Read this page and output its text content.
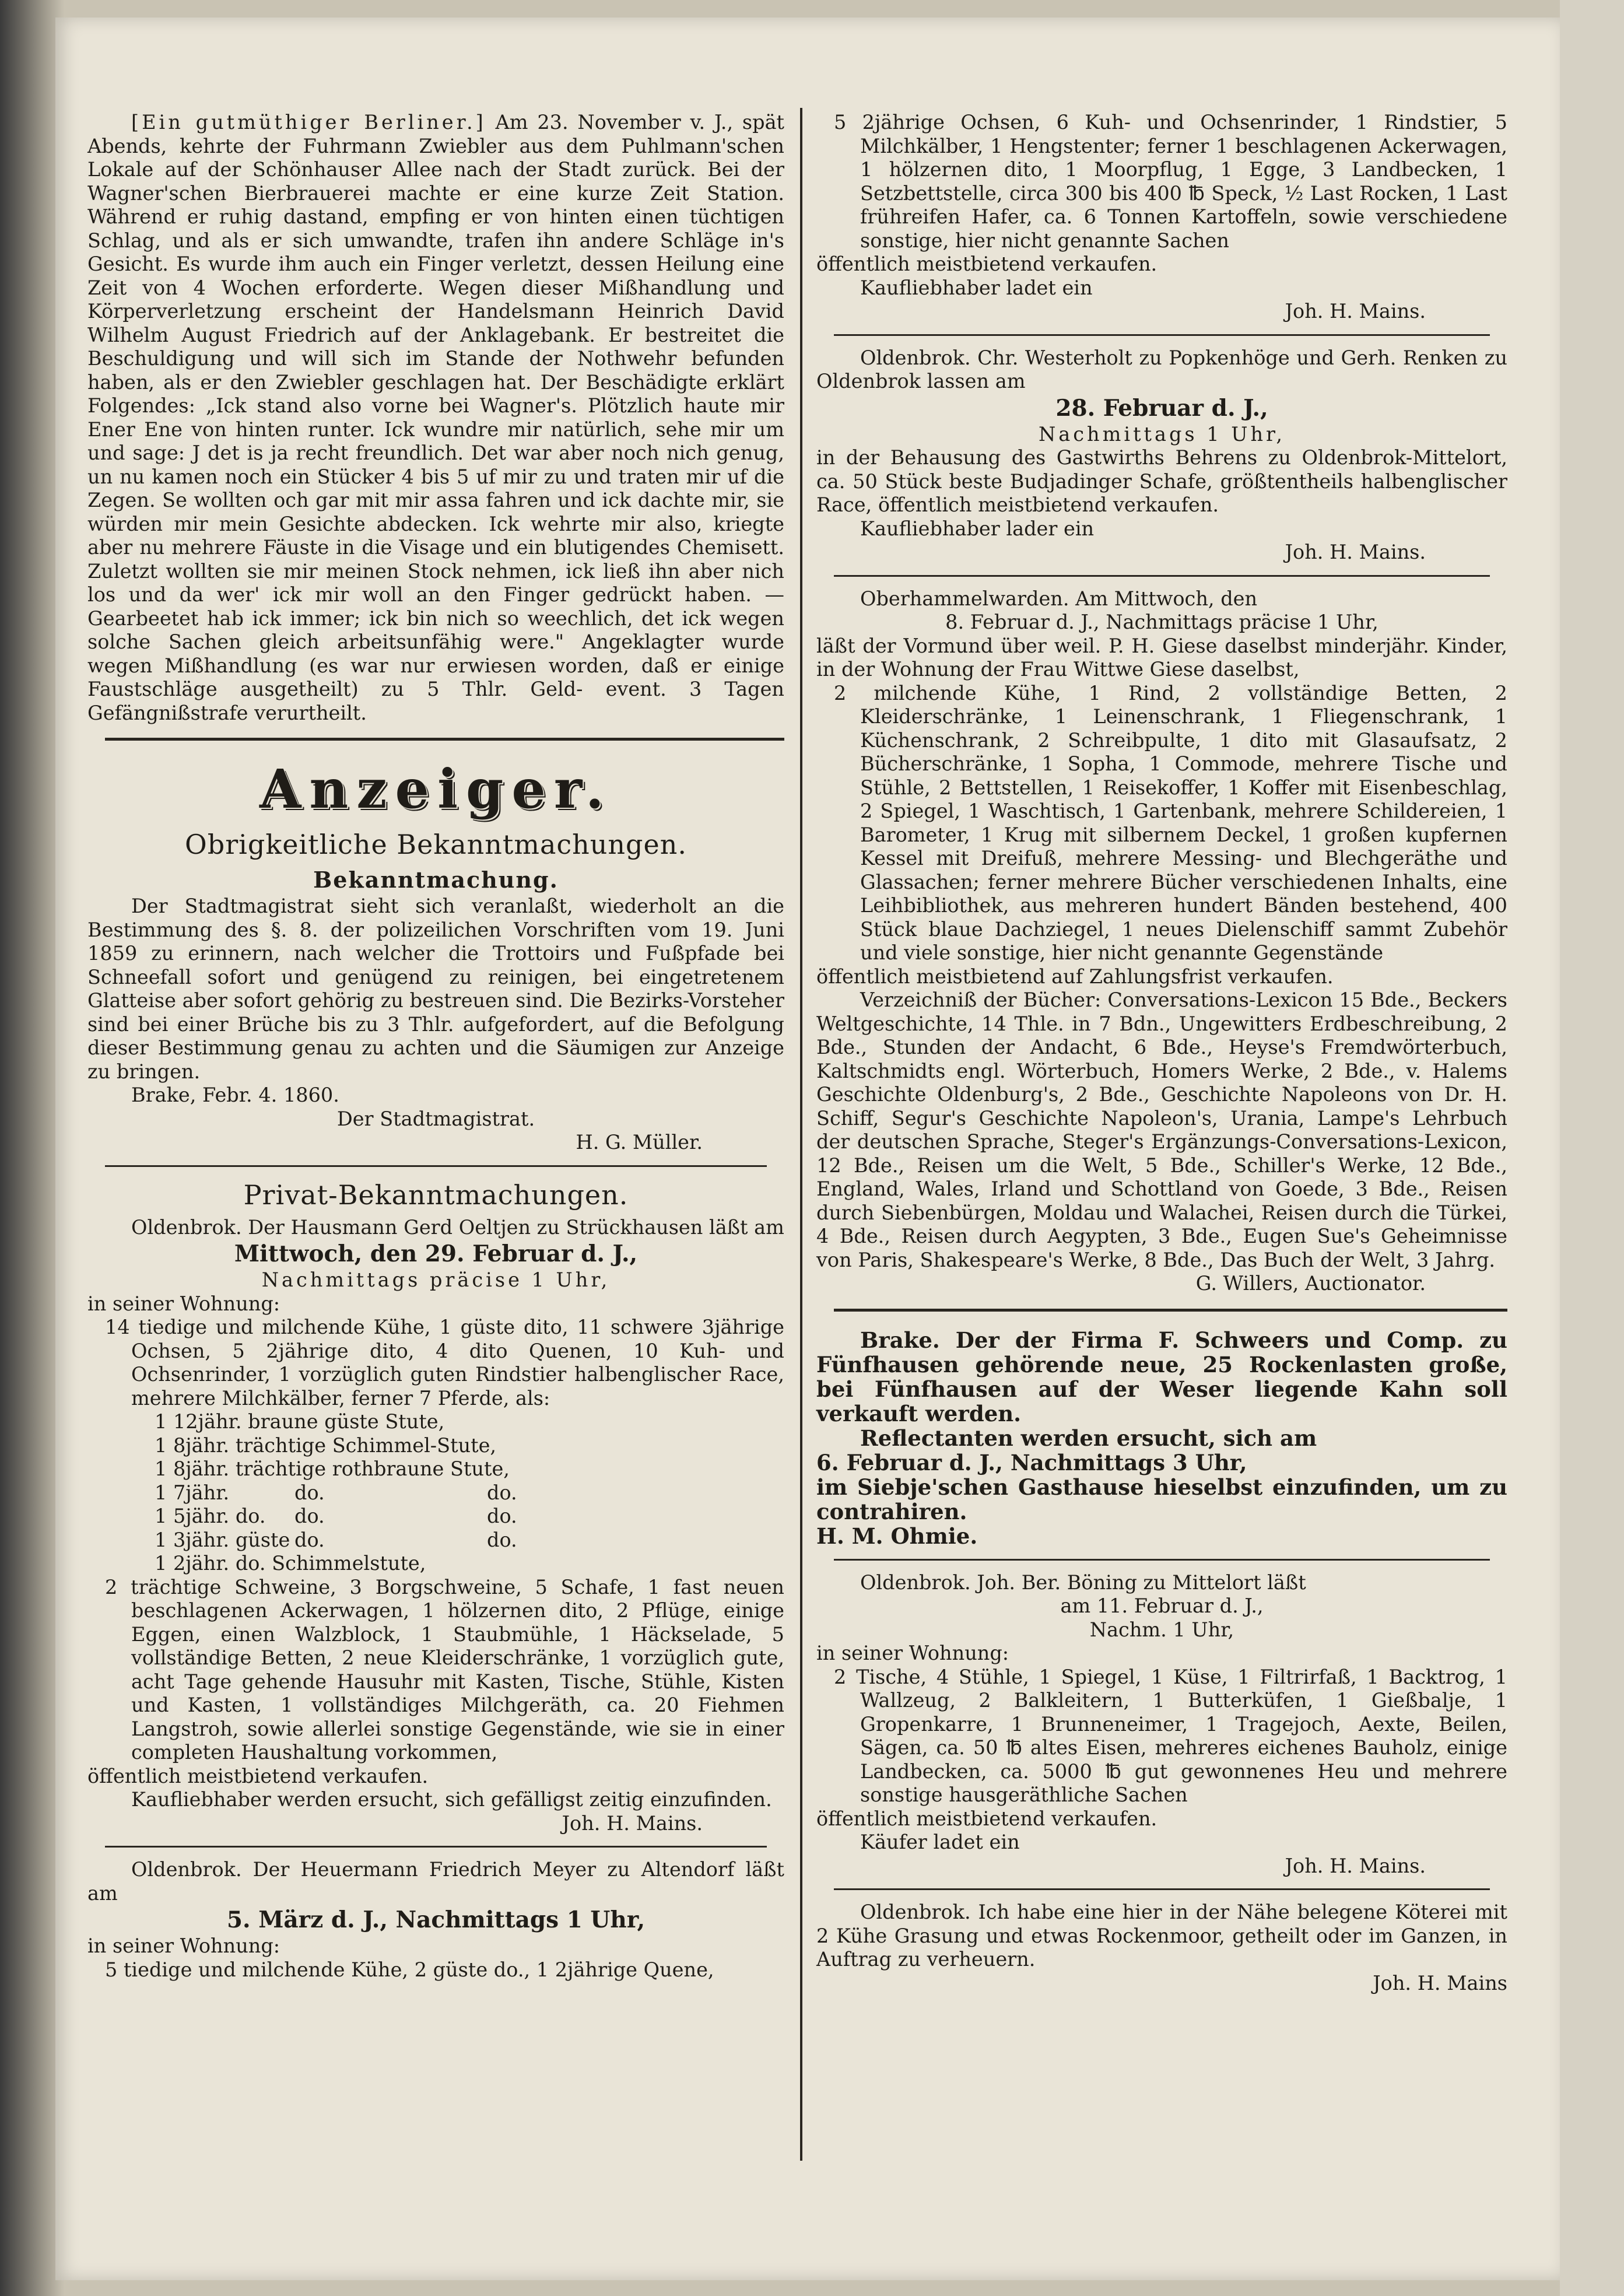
[Ein gutmüthiger Berliner.] Am 23. November v. J., spät Abends, kehrte der Fuhrmann Zwiebler aus dem Puhlmann'schen Lokale auf der Schönhauser Allee nach der Stadt zurück. Bei der Wagner'schen Bierbrauerei machte er eine kurze Zeit Station. Während er ruhig dastand, empfing er von hinten einen tüchtigen Schlag, und als er sich umwandte, trafen ihn andere Schläge in's Gesicht. Es wurde ihm auch ein Finger verletzt, dessen Heilung eine Zeit von 4 Wochen erforderte. Wegen dieser Mißhandlung und Körperverletzung erscheint der Handelsmann Heinrich David Wilhelm August Friedrich auf der Anklagebank. Er bestreitet die Beschuldigung und will sich im Stande der Nothwehr befunden haben, als er den Zwiebler geschlagen hat. Der Beschädigte erklärt Folgendes: „Ick stand also vorne bei Wagner's. Plötzlich haute mir Ener Ene von hinten runter. Ick wundre mir natürlich, sehe mir um und sage: J det is ja recht freundlich. Det war aber noch nich genug, un nu kamen noch ein Stücker 4 bis 5 uf mir zu und traten mir uf die Zegen. Se wollten och gar mit mir assa fahren und ick dachte mir, sie würden mir mein Gesichte abdecken. Ick wehrte mir also, kriegte aber nu mehrere Fäuste in die Visage und ein blutigendes Chemisett. Zuletzt wollten sie mir meinen Stock nehmen, ick ließ ihn aber nich los und da wer' ick mir woll an den Finger gedrückt haben. — Gearbeetet hab ick immer; ick bin nich so weechlich, det ick wegen solche Sachen gleich arbeitsunfähig were." Angeklagter wurde wegen Mißhandlung (es war nur erwiesen worden, daß er einige Faustschläge ausgetheilt) zu 5 Thlr. Geld- event. 3 Tagen Gefängnißstrafe verurtheilt.

Anzeiger.
Obrigkeitliche Bekanntmachungen.
Bekanntmachung.

Der Stadtmagistrat sieht sich veranlaßt, wiederholt an die Bestimmung des §. 8. der polizeilichen Vorschriften vom 19. Juni 1859 zu erinnern, nach welcher die Trottoirs und Fußpfade bei Schneefall sofort und genügend zu reinigen, bei eingetretenem Glatteise aber sofort gehörig zu bestreuen sind. Die Bezirks-Vorsteher sind bei einer Brüche bis zu 3 Thlr. aufgefordert, auf die Befolgung dieser Bestimmung genau zu achten und die Säumigen zur Anzeige zu bringen.

Brake, Febr. 4. 1860.

Der Stadtmagistrat.

H. G. Müller.

Privat-Bekanntmachungen.

Oldenbrok. Der Hausmann Gerd Oeltjen zu Strückhausen läßt am

Mittwoch, den 29. Februar d. J.,

Nachmittags präcise 1 Uhr,

in seiner Wohnung:

14 tiedige und milchende Kühe, 1 güste dito, 11 schwere 3jährige Ochsen, 5 2jährige dito, 4 dito Quenen, 10 Kuh- und Ochsenrinder, 1 vorzüglich guten Rindstier halbenglischer Race, mehrere Milchkälber, ferner 7 Pferde, als:

1 12jähr. braune güste Stute,
1 8jähr. trächtige Schimmel-Stute,
1 8jähr. trächtige rothbraune Stute,
1 7jähr.	do.	do.
1 5jähr. do.	do.	do.
1 3jähr. güste do.	do.
1 2jähr. do. Schimmelstute,

2 trächtige Schweine, 3 Borgschweine, 5 Schafe, 1 fast neuen beschlagenen Ackerwagen, 1 hölzernen dito, 2 Pflüge, einige Eggen, einen Walzblock, 1 Staubmühle, 1 Häckselade, 5 vollständige Betten, 2 neue Kleiderschränke, 1 vorzüglich gute, acht Tage gehende Hausuhr mit Kasten, Tische, Stühle, Kisten und Kasten, 1 vollständiges Milchgeräth, ca. 20 Fiehmen Langstroh, sowie allerlei sonstige Gegenstände, wie sie in einer completen Haushaltung vorkommen,

öffentlich meistbietend verkaufen.

Kaufliebhaber werden ersucht, sich gefälligst zeitig einzufinden.

Joh. H. Mains.

Oldenbrok. Der Heuermann Friedrich Meyer zu Altendorf läßt am

5. März d. J., Nachmittags 1 Uhr,

in seiner Wohnung:

5 tiedige und milchende Kühe, 2 güste do., 1 2jährige Quene,

5 2jährige Ochsen, 6 Kuh- und Ochsenrinder, 1 Rindstier, 5 Milchkälber, 1 Hengstenter; ferner 1 beschlagenen Ackerwagen, 1 hölzernen dito, 1 Moorpflug, 1 Egge, 3 Landbecken, 1 Setzbettstelle, circa 300 bis 400 ℔ Speck, ½ Last Rocken, 1 Last frühreifen Hafer, ca. 6 Tonnen Kartoffeln, sowie verschiedene sonstige, hier nicht genannte Sachen

öffentlich meistbietend verkaufen.

Kaufliebhaber ladet ein

Joh. H. Mains.

Oldenbrok. Chr. Westerholt zu Popkenhöge und Gerh. Renken zu Oldenbrok lassen am

28. Februar d. J.,

Nachmittags 1 Uhr,

in der Behausung des Gastwirths Behrens zu Oldenbrok-Mittelort, ca. 50 Stück beste Budjadinger Schafe, größtentheils halbenglischer Race, öffentlich meistbietend verkaufen.

Kaufliebhaber lader ein

Joh. H. Mains.

Oberhammelwarden. Am Mittwoch, den

8. Februar d. J., Nachmittags präcise 1 Uhr,

läßt der Vormund über weil. P. H. Giese daselbst minderjähr. Kinder, in der Wohnung der Frau Wittwe Giese daselbst,

2 milchende Kühe, 1 Rind, 2 vollständige Betten, 2 Kleiderschränke, 1 Leinenschrank, 1 Fliegenschrank, 1 Küchenschrank, 2 Schreibpulte, 1 dito mit Glasaufsatz, 2 Bücherschränke, 1 Sopha, 1 Commode, mehrere Tische und Stühle, 2 Bettstellen, 1 Reisekoffer, 1 Koffer mit Eisenbeschlag, 2 Spiegel, 1 Waschtisch, 1 Gartenbank, mehrere Schildereien, 1 Barometer, 1 Krug mit silbernem Deckel, 1 großen kupfernen Kessel mit Dreifuß, mehrere Messing- und Blechgeräthe und Glassachen; ferner mehrere Bücher verschiedenen Inhalts, eine Leihbibliothek, aus mehreren hundert Bänden bestehend, 400 Stück blaue Dachziegel, 1 neues Dielenschiff sammt Zubehör und viele sonstige, hier nicht genannte Gegenstände

öffentlich meistbietend auf Zahlungsfrist verkaufen.

Verzeichniß der Bücher: Conversations-Lexicon 15 Bde., Beckers Weltgeschichte, 14 Thle. in 7 Bdn., Ungewitters Erdbeschreibung, 2 Bde., Stunden der Andacht, 6 Bde., Heyse's Fremdwörterbuch, Kaltschmidts engl. Wörterbuch, Homers Werke, 2 Bde., v. Halems Geschichte Oldenburg's, 2 Bde., Geschichte Napoleons von Dr. H. Schiff, Segur's Geschichte Napoleon's, Urania, Lampe's Lehrbuch der deutschen Sprache, Steger's Ergänzungs-Conversations-Lexicon, 12 Bde., Reisen um die Welt, 5 Bde., Schiller's Werke, 12 Bde., England, Wales, Irland und Schottland von Goede, 3 Bde., Reisen durch Siebenbürgen, Moldau und Walachei, Reisen durch die Türkei, 4 Bde., Reisen durch Aegypten, 3 Bde., Eugen Sue's Geheimnisse von Paris, Shakespeare's Werke, 8 Bde., Das Buch der Welt, 3 Jahrg.

G. Willers, Auctionator.

Brake. Der der Firma F. Schweers und Comp. zu Fünfhausen gehörende neue, 25 Rockenlasten große, bei Fünfhausen auf der Weser liegende Kahn soll verkauft werden.

Reflectanten werden ersucht, sich am

6. Februar d. J., Nachmittags 3 Uhr,

im Siebje'schen Gasthause hieselbst einzufinden, um zu contrahiren.

H. M. Ohmie.

Oldenbrok. Joh. Ber. Böning zu Mittelort läßt

am 11. Februar d. J.,

Nachm. 1 Uhr,

in seiner Wohnung:

2 Tische, 4 Stühle, 1 Spiegel, 1 Küse, 1 Filtrirfaß, 1 Backtrog, 1 Wallzeug, 2 Balkleitern, 1 Butterküfen, 1 Gießbalje, 1 Gropenkarre, 1 Brunneneimer, 1 Tragejoch, Aexte, Beilen, Sägen, ca. 50 ℔ altes Eisen, mehreres eichenes Bauholz, einige Landbecken, ca. 5000 ℔ gut gewonnenes Heu und mehrere sonstige hausgeräthliche Sachen

öffentlich meistbietend verkaufen.

Käufer ladet ein

Joh. H. Mains.

Oldenbrok. Ich habe eine hier in der Nähe belegene Köterei mit 2 Kühe Grasung und etwas Rockenmoor, getheilt oder im Ganzen, in Auftrag zu verheuern.

Joh. H. Mains
